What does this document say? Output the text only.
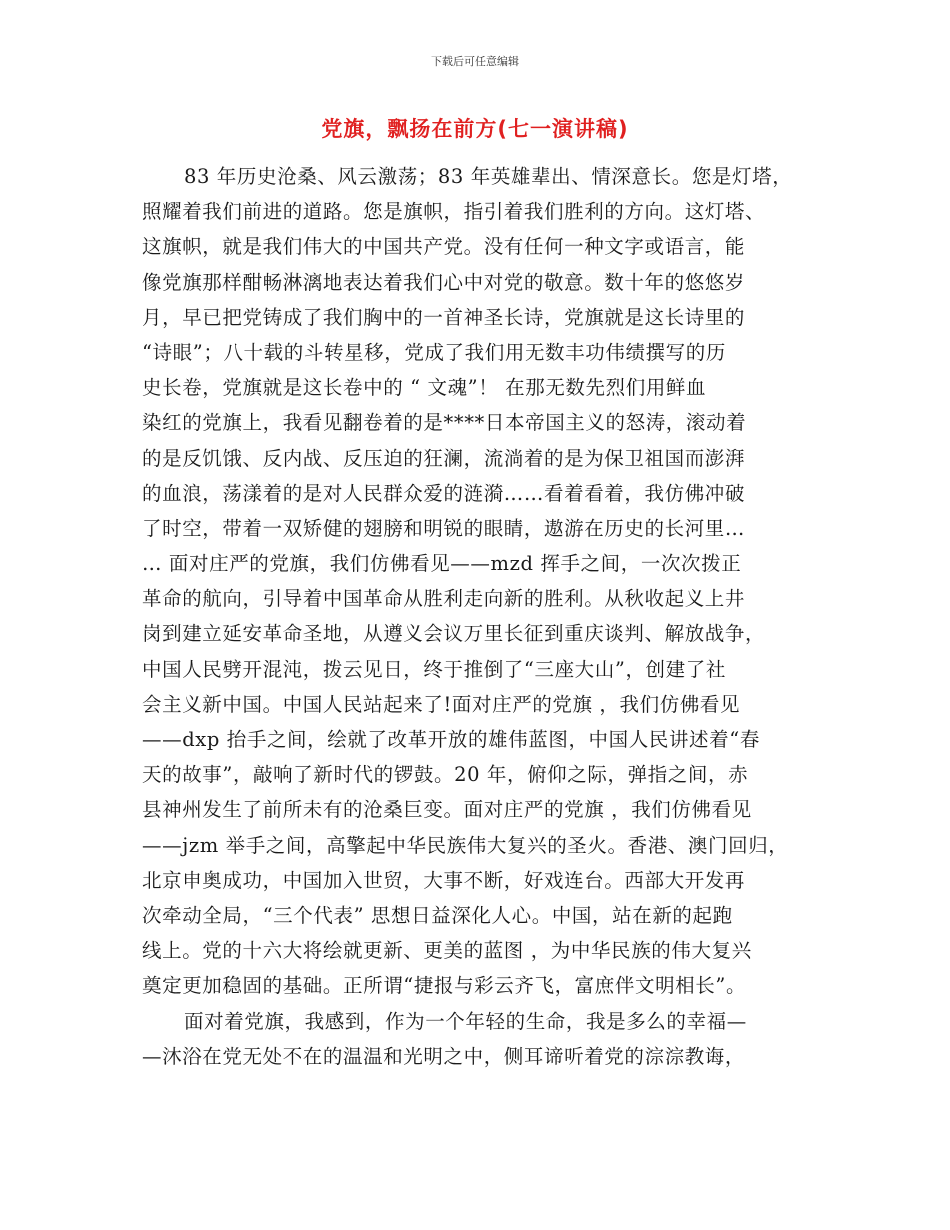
下载后可任意编辑
党旗，飘扬在前方(七一演讲稿)
83 年历史沧桑、风云激荡；83 年英雄辈出、情深意长。您是灯塔，
照耀着我们前进的道路。您是旗帜，指引着我们胜利的方向。这灯塔、
这旗帜，就是我们伟大的中国共产党。没有任何一种文字或语言，能
像党旗那样酣畅淋漓地表达着我们心中对党的敬意。数十年的悠悠岁
月，早已把党铸成了我们胸中的一首神圣长诗，党旗就是这长诗里的
“诗眼”；八十载的斗转星移，党成了我们用无数丰功伟绩撰写的历
史长卷，党旗就是这长卷中的 “ 文魂”！ 在那无数先烈们用鲜血
染红的党旗上，我看见翻卷着的是****日本帝国主义的怒涛，滚动着
的是反饥饿、反内战、反压迫的狂澜，流淌着的是为保卫祖国而澎湃
的血浪，荡漾着的是对人民群众爱的涟漪……看着看着，我仿佛冲破
了时空，带着一双矫健的翅膀和明锐的眼睛，遨游在历史的长河里…
… 面对庄严的党旗，我们仿佛看见——mzd 挥手之间，一次次拨正
革命的航向，引导着中国革命从胜利走向新的胜利。从秋收起义上井
岗到建立延安革命圣地，从遵义会议万里长征到重庆谈判、解放战争，
中国人民劈开混沌，拨云见日，终于推倒了“三座大山”，创建了社
会主义新中国。中国人民站起来了!面对庄严的党旗 ，我们仿佛看见
——dxp 抬手之间，绘就了改革开放的雄伟蓝图，中国人民讲述着“春
天的故事”，敲响了新时代的锣鼓。20 年，俯仰之际，弹指之间，赤
县神州发生了前所未有的沧桑巨变。面对庄严的党旗 ，我们仿佛看见
——jzm 举手之间，高擎起中华民族伟大复兴的圣火。香港、澳门回归，
北京申奥成功，中国加入世贸，大事不断，好戏连台。西部大开发再
次牵动全局，“三个代表” 思想日益深化人心。中国，站在新的起跑
线上。党的十六大将绘就更新、更美的蓝图 ，为中华民族的伟大复兴
奠定更加稳固的基础。正所谓“捷报与彩云齐飞，富庶伴文明相长”。
面对着党旗，我感到，作为一个年轻的生命，我是多么的幸福—
—沐浴在党无处不在的温温和光明之中，侧耳谛听着党的淙淙教诲，
